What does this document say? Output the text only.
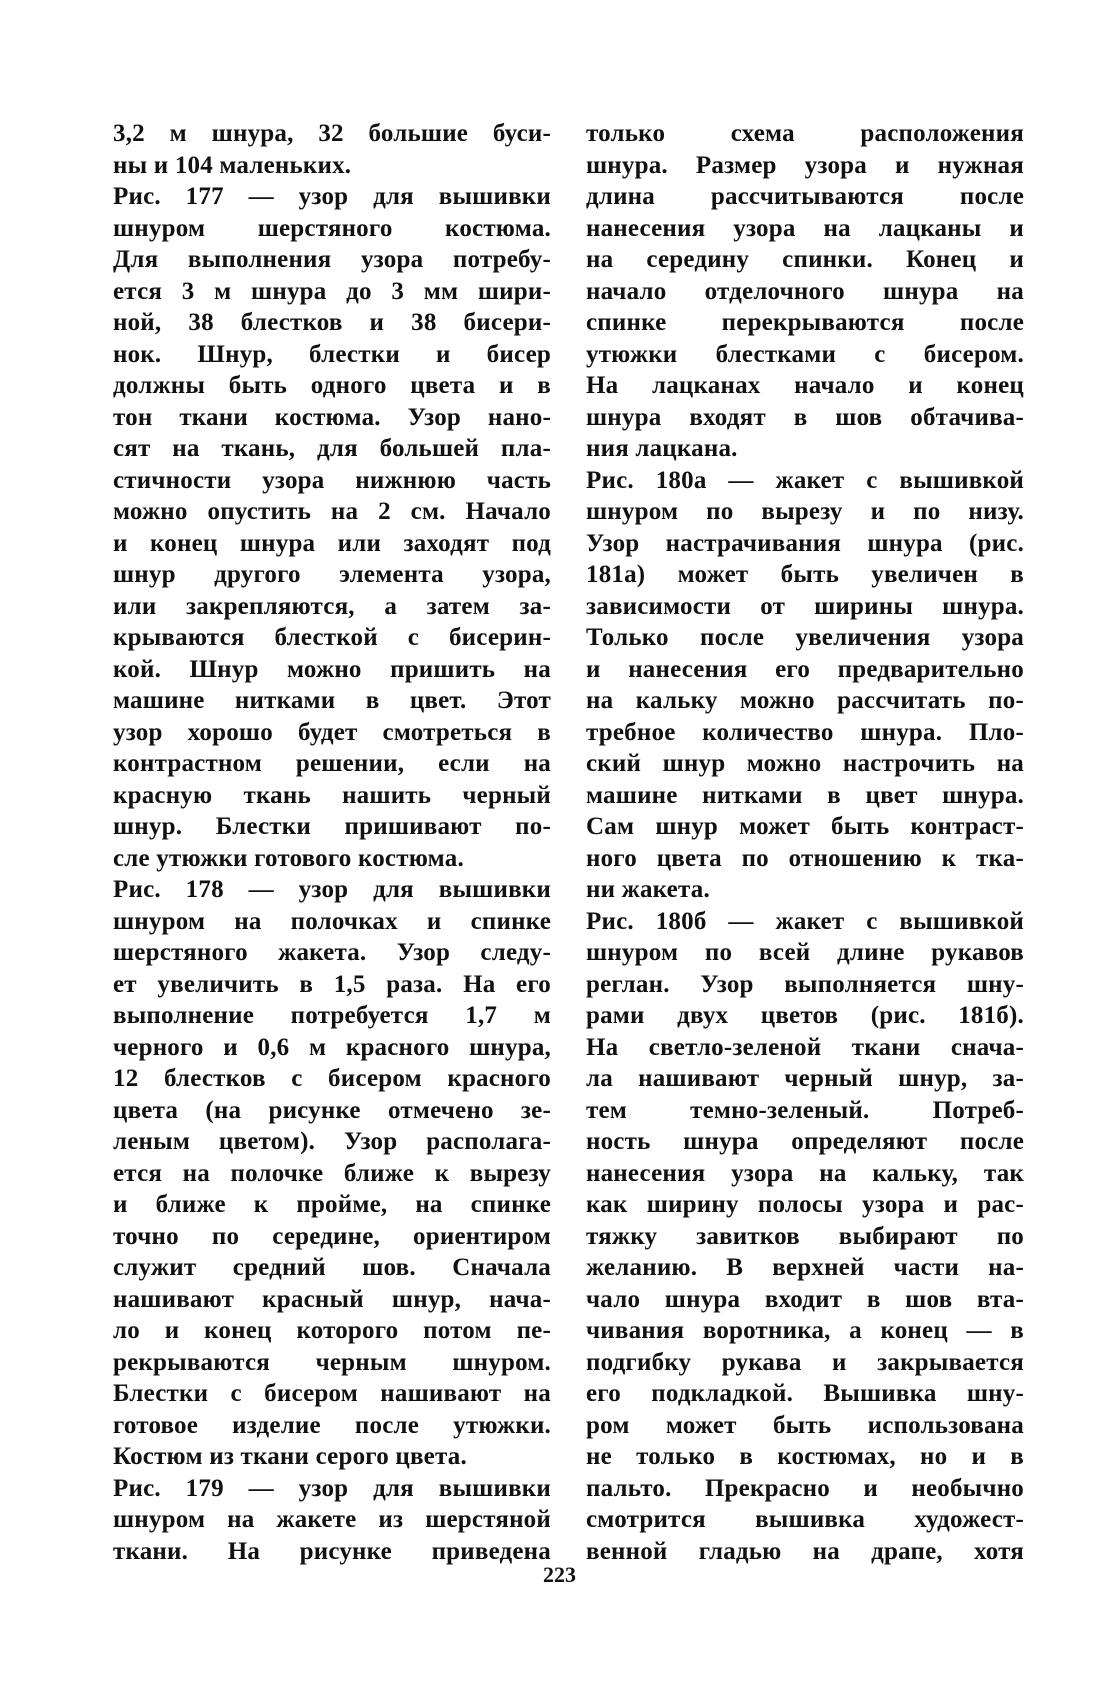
3,2 м шнура, 32 большие буси-
ны и 104 маленьких.
Рис. 177 — узор для вышивки
шнуром шерстяного костюма.
Для выполнения узора потребу-
ется 3 м шнура до 3 мм шири-
ной, 38 блестков и 38 бисери-
нок. Шнур, блестки и бисер
должны быть одного цвета и в
тон ткани костюма. Узор нано-
сят на ткань, для большей пла-
стичности узора нижнюю часть
можно опустить на 2 см. Начало
и конец шнура или заходят под
шнур другого элемента узора,
или закрепляются, а затем за-
крываются блесткой с бисерин-
кой. Шнур можно пришить на
машине нитками в цвет. Этот
узор хорошо будет смотреться в
контрастном решении, если на
красную ткань нашить черный
шнур. Блестки пришивают по-
сле утюжки готового костюма.
Рис. 178 — узор для вышивки
шнуром на полочках и спинке
шерстяного жакета. Узор следу-
ет увеличить в 1,5 раза. На его
выполнение потребуется 1,7 м
черного и 0,6 м красного шнура,
12 блестков с бисером красного
цвета (на рисунке отмечено зе-
леным цветом). Узор располага-
ется на полочке ближе к вырезу
и ближе к пройме, на спинке
точно по середине, ориентиром
служит средний шов. Сначала
нашивают красный шнур, нача-
ло и конец которого потом пе-
рекрываются черным шнуром.
Блестки с бисером нашивают на
готовое изделие после утюжки.
Костюм из ткани серого цвета.
Рис. 179 — узор для вышивки
шнуром на жакете из шерстяной
ткани. На рисунке приведена
только схема расположения
шнура. Размер узора и нужная
длина рассчитываются после
нанесения узора на лацканы и
на середину спинки. Конец и
начало отделочного шнура на
спинке перекрываются после
утюжки блестками с бисером.
На лацканах начало и конец
шнура входят в шов обтачива-
ния лацкана.
Рис. 180а — жакет с вышивкой
шнуром по вырезу и по низу.
Узор настрачивания шнура (рис.
181а) может быть увеличен в
зависимости от ширины шнура.
Только после увеличения узора
и нанесения его предварительно
на кальку можно рассчитать по-
требное количество шнура. Пло-
ский шнур можно настрочить на
машине нитками в цвет шнура.
Сам шнур может быть контраст-
ного цвета по отношению к тка-
ни жакета.
Рис. 180б — жакет с вышивкой
шнуром по всей длине рукавов
реглан. Узор выполняется шну-
рами двух цветов (рис. 181б).
На светло-зеленой ткани снача-
ла нашивают черный шнур, за-
тем темно-зеленый. Потреб-
ность шнура определяют после
нанесения узора на кальку, так
как ширину полосы узора и рас-
тяжку завитков выбирают по
желанию. В верхней части на-
чало шнура входит в шов вта-
чивания воротника, а конец — в
подгибку рукава и закрывается
его подкладкой. Вышивка шну-
ром может быть использована
не только в костюмах, но и в
пальто. Прекрасно и необычно
смотрится вышивка художест-
венной гладью на драпе, хотя
223
